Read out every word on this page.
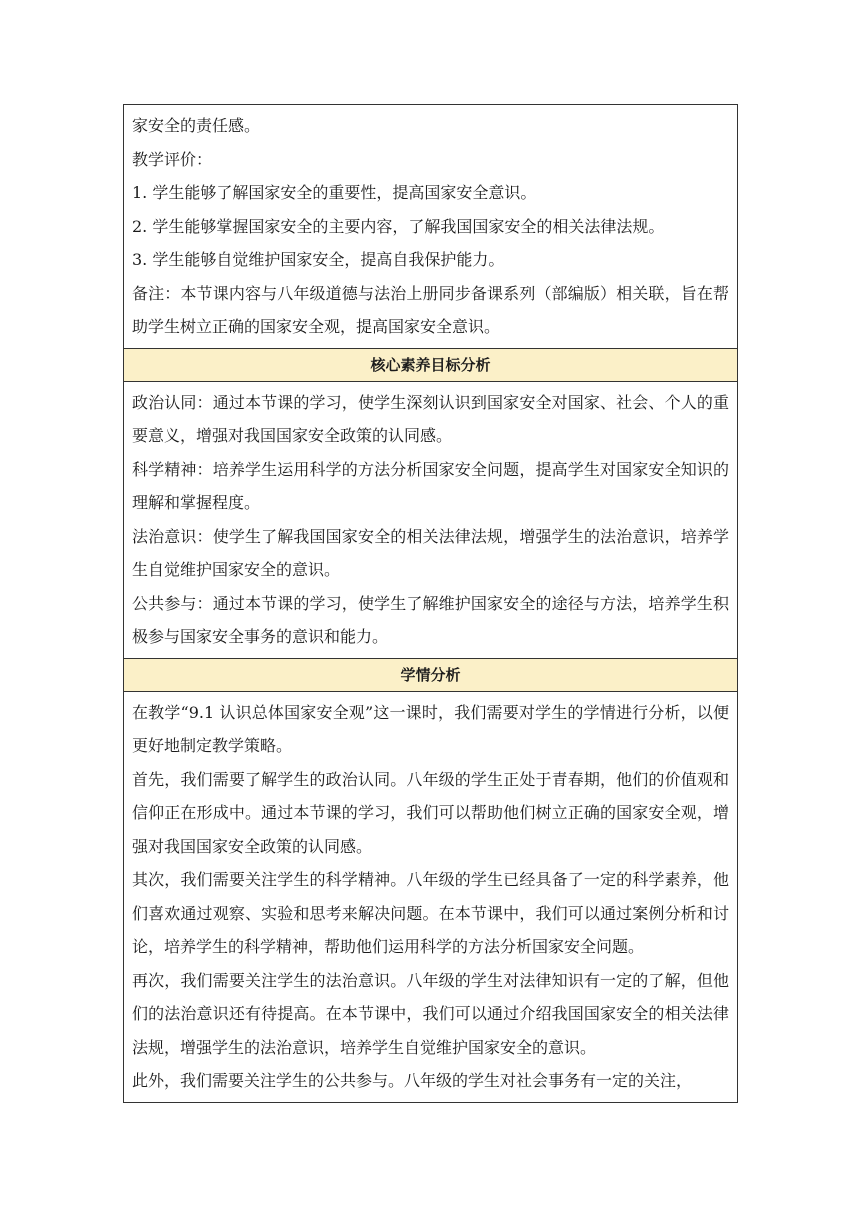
家安全的责任感。

教学评价：

1. 学生能够了解国家安全的重要性，提高国家安全意识。

2. 学生能够掌握国家安全的主要内容，了解我国国家安全的相关法律法规。

3. 学生能够自觉维护国家安全，提高自我保护能力。

备注：本节课内容与八年级道德与法治上册同步备课系列（部编版）相关联，旨在帮助学生树立正确的国家安全观，提高国家安全意识。

核心素养目标分析

政治认同：通过本节课的学习，使学生深刻认识到国家安全对国家、社会、个人的重要意义，增强对我国国家安全政策的认同感。

科学精神：培养学生运用科学的方法分析国家安全问题，提高学生对国家安全知识的理解和掌握程度。

法治意识：使学生了解我国国家安全的相关法律法规，增强学生的法治意识，培养学生自觉维护国家安全的意识。

公共参与：通过本节课的学习，使学生了解维护国家安全的途径与方法，培养学生积极参与国家安全事务的意识和能力。

学情分析

在教学“9.1 认识总体国家安全观”这一课时，我们需要对学生的学情进行分析，以便更好地制定教学策略。

首先，我们需要了解学生的政治认同。八年级的学生正处于青春期，他们的价值观和信仰正在形成中。通过本节课的学习，我们可以帮助他们树立正确的国家安全观，增强对我国国家安全政策的认同感。

其次，我们需要关注学生的科学精神。八年级的学生已经具备了一定的科学素养，他们喜欢通过观察、实验和思考来解决问题。在本节课中，我们可以通过案例分析和讨论，培养学生的科学精神，帮助他们运用科学的方法分析国家安全问题。

再次，我们需要关注学生的法治意识。八年级的学生对法律知识有一定的了解，但他们的法治意识还有待提高。在本节课中，我们可以通过介绍我国国家安全的相关法律法规，增强学生的法治意识，培养学生自觉维护国家安全的意识。

此外，我们需要关注学生的公共参与。八年级的学生对社会事务有一定的关注，
